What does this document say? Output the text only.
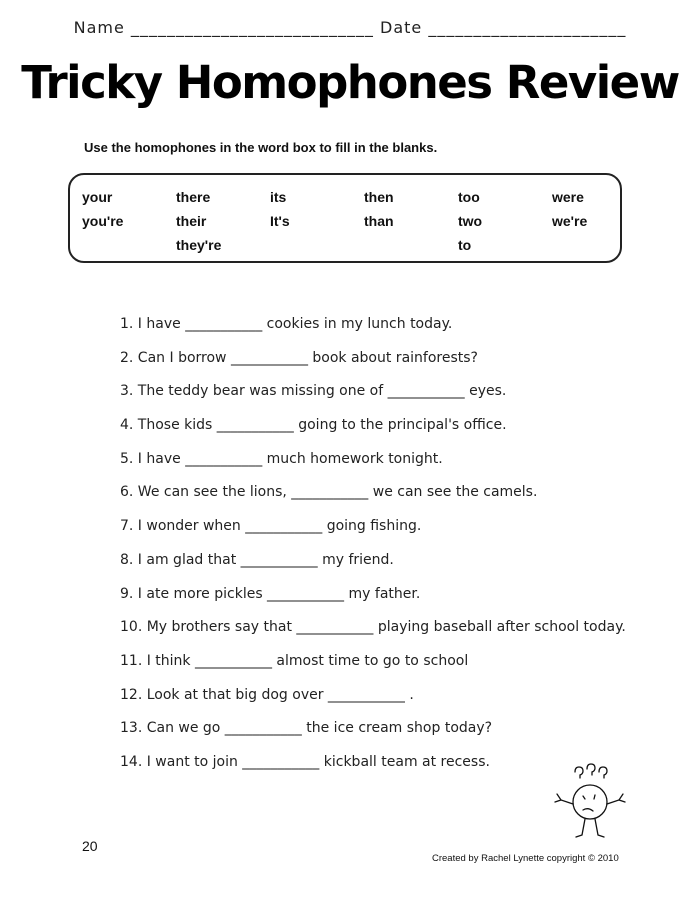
Name ___________________________ Date ______________________
Tricky Homophones Review
Use the homophones in the word box to fill in the blanks.
your
you're
there
their
they're
its
It's
then
than
too
two
to
were
we're
1. I have ___________ cookies in my lunch today.
2. Can I borrow ___________ book about rainforests?
3. The teddy bear was missing one of ___________ eyes.
4. Those kids ___________ going to the principal's office.
5. I have ___________ much homework tonight.
6. We can see the lions, ___________ we can see the camels.
7. I wonder when ___________ going fishing.
8. I am glad that ___________ my friend.
9. I ate more pickles ___________ my father.
10. My brothers say that ___________ playing baseball after school today.
11. I think ___________ almost time to go to school
12. Look at that big dog over ___________ .
13. Can we go ___________ the ice cream shop today?
14. I want to join ___________ kickball team at recess.
20
Created by Rachel Lynette copyright © 2010
